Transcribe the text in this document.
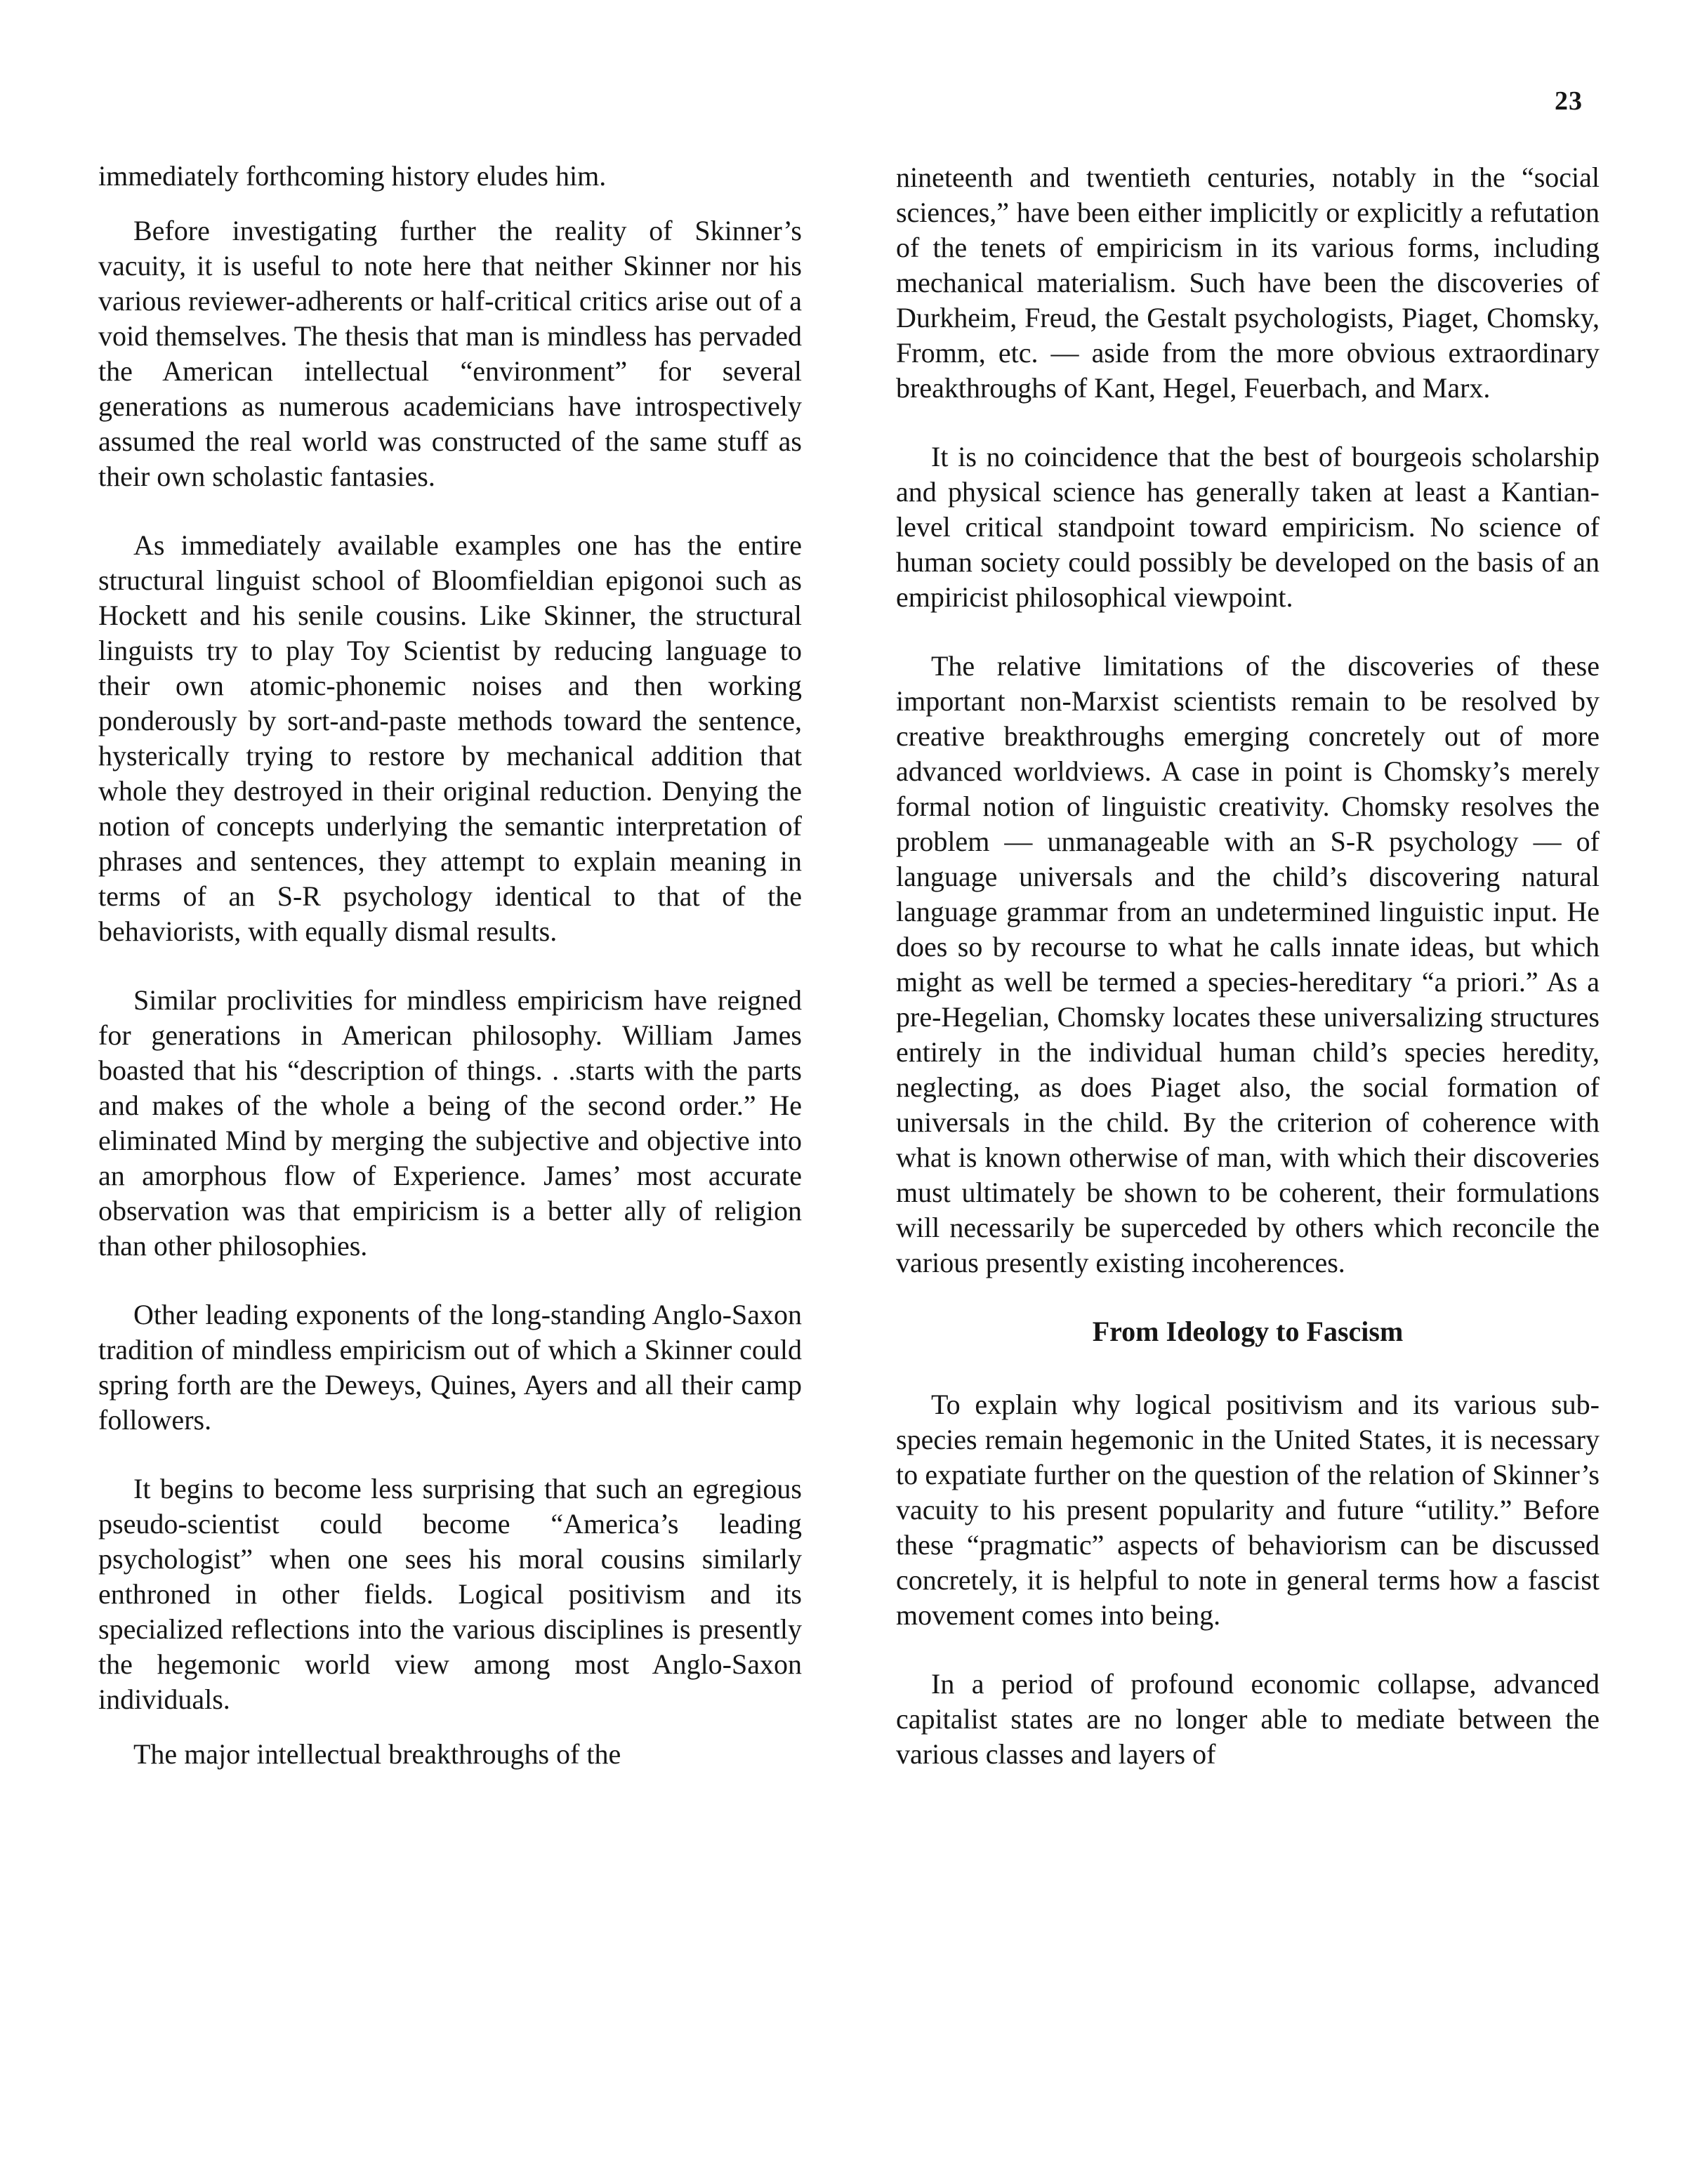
23

immediately forthcoming history eludes him.

Before investigating further the reality of Skinner’s vacuity, it is useful to note here that neither Skinner nor his various reviewer-adherents or half-critical critics arise out of a void themselves. The thesis that man is mindless has pervaded the American intellectual “environment” for several generations as numerous academicians have introspectively assumed the real world was constructed of the same stuff as their own scholastic fantasies.

As immediately available examples one has the entire structural linguist school of Bloomfieldian epigonoi such as Hockett and his senile cousins. Like Skinner, the structural linguists try to play Toy Scientist by reducing language to their own atomic-phonemic noises and then working ponderously by sort-and-paste methods toward the sentence, hysterically trying to restore by mechanical addition that whole they destroyed in their original reduction. Denying the notion of concepts underlying the semantic interpretation of phrases and sentences, they attempt to explain meaning in terms of an S-R psychology identical to that of the behaviorists, with equally dismal results.

Similar proclivities for mindless empiricism have reigned for generations in American philosophy. William James boasted that his “description of things. . .starts with the parts and makes of the whole a being of the second order.” He eliminated Mind by merging the subjective and objective into an amorphous flow of Experience. James’ most accurate observation was that empiricism is a better ally of religion than other philosophies.

Other leading exponents of the long-standing Anglo-Saxon tradition of mindless empiricism out of which a Skinner could spring forth are the Deweys, Quines, Ayers and all their camp followers.

It begins to become less surprising that such an egregious pseudo-scientist could become “America’s leading psychologist” when one sees his moral cousins similarly enthroned in other fields. Logical positivism and its specialized reflections into the various disciplines is presently the hegemonic world view among most Anglo-Saxon individuals.

The major intellectual breakthroughs of the

nineteenth and twentieth centuries, notably in the “social sciences,” have been either implicitly or explicitly a refutation of the tenets of empiricism in its various forms, including mechanical materialism. Such have been the discoveries of Durkheim, Freud, the Gestalt psychologists, Piaget, Chomsky, Fromm, etc. — aside from the more obvious extraordinary breakthroughs of Kant, Hegel, Feuerbach, and Marx.

It is no coincidence that the best of bourgeois scholarship and physical science has generally taken at least a Kantian-level critical standpoint toward empiricism. No science of human society could possibly be developed on the basis of an empiricist philosophical viewpoint.

The relative limitations of the discoveries of these important non-Marxist scientists remain to be resolved by creative breakthroughs emerging concretely out of more advanced worldviews. A case in point is Chomsky’s merely formal notion of linguistic creativity. Chomsky resolves the problem — unmanageable with an S-R psychology — of language universals and the child’s discovering natural language grammar from an undetermined linguistic input. He does so by recourse to what he calls innate ideas, but which might as well be termed a species-hereditary “a priori.” As a pre-Hegelian, Chomsky locates these universalizing structures entirely in the individual human child’s species heredity, neglecting, as does Piaget also, the social formation of universals in the child. By the criterion of coherence with what is known otherwise of man, with which their discoveries must ultimately be shown to be coherent, their formulations will necessarily be superceded by others which reconcile the various presently existing incoherences.

From Ideology to Fascism

To explain why logical positivism and its various sub-species remain hegemonic in the United States, it is necessary to expatiate further on the question of the relation of Skinner’s vacuity to his present popularity and future “utility.” Before these “pragmatic” aspects of behaviorism can be discussed concretely, it is helpful to note in general terms how a fascist movement comes into being.

In a period of profound economic collapse, advanced capitalist states are no longer able to mediate between the various classes and layers of
